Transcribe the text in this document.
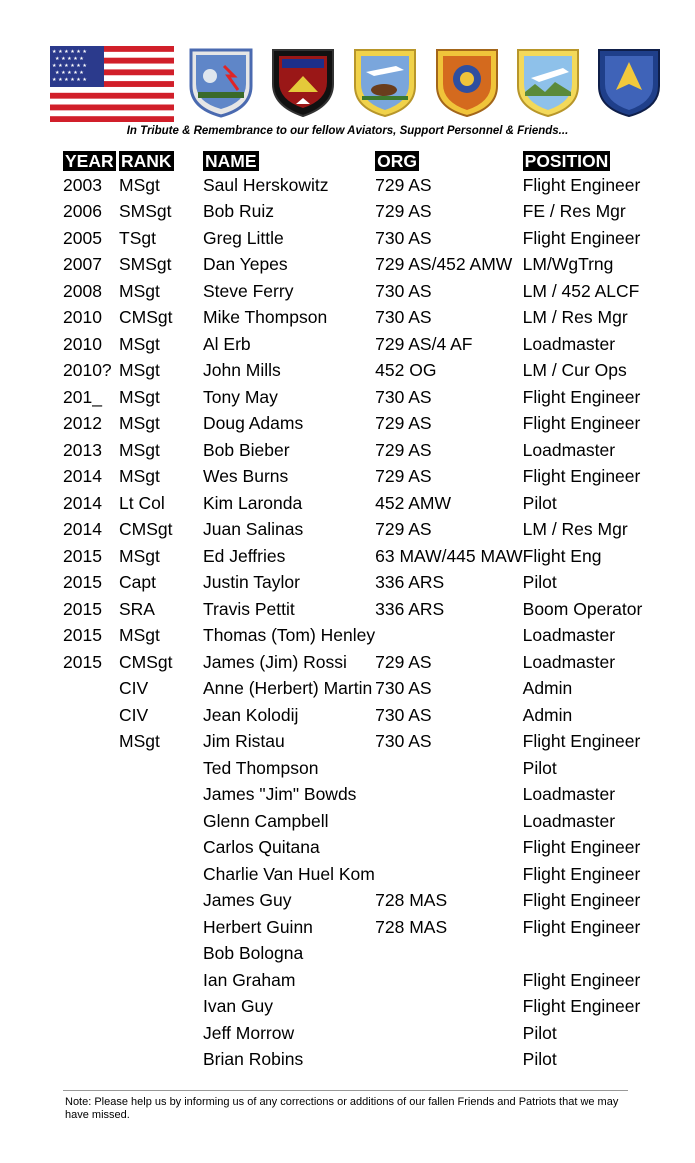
★ ★ ★ ★ ★ ★
★ ★ ★ ★ ★
★ ★ ★ ★ ★ ★
★ ★ ★ ★ ★
★ ★ ★ ★ ★ ★
In Tribute & Remembrance to our fellow Aviators, Support Personnel & Friends...
YEAR	RANK	NAME	ORG	POSITION
2003	MSgt	Saul Herskowitz	729 AS	Flight Engineer
2006	SMSgt	Bob Ruiz	729 AS	FE / Res Mgr
2005	TSgt	Greg Little	730 AS	Flight Engineer
2007	SMSgt	Dan Yepes	729 AS/452 AMW	LM/WgTrng
2008	MSgt	Steve Ferry	730 AS	LM / 452 ALCF
2010	CMSgt	Mike Thompson	730 AS	LM / Res Mgr
2010	MSgt	Al Erb	729 AS/4 AF	Loadmaster
2010?	MSgt	John Mills	452 OG	LM / Cur Ops
201_	MSgt	Tony May	730 AS	Flight Engineer
2012	MSgt	Doug Adams	729 AS	Flight Engineer
2013	MSgt	Bob Bieber	729 AS	Loadmaster
2014	MSgt	Wes Burns	729 AS	Flight Engineer
2014	Lt Col	Kim Laronda	452 AMW	Pilot
2014	CMSgt	Juan Salinas	729 AS	LM / Res Mgr
2015	MSgt	Ed Jeffries	63 MAW/445 MAW	Flight Eng
2015	Capt	Justin Taylor	336 ARS	Pilot
2015	SRA	Travis Pettit	336 ARS	Boom Operator
2015	MSgt	Thomas (Tom) Henley		Loadmaster
2015	CMSgt	James (Jim) Rossi	729 AS	Loadmaster
	CIV	Anne (Herbert) Martin	730 AS	Admin
	CIV	Jean Kolodij	730 AS	Admin
	MSgt	Jim Ristau	730 AS	Flight Engineer
		Ted Thompson		Pilot
		James "Jim" Bowds		Loadmaster
		Glenn Campbell		Loadmaster
		Carlos Quitana		Flight Engineer
		Charlie Van Huel Kom		Flight Engineer
		James Guy	728 MAS	Flight Engineer
		Herbert Guinn	728 MAS	Flight Engineer
		Bob Bologna		
		Ian Graham		Flight Engineer
		Ivan Guy		Flight Engineer
		Jeff Morrow		Pilot
		Brian Robins		Pilot
Note: Please help us by informing us of any corrections or additions of our fallen Friends and Patriots that we may have missed.
